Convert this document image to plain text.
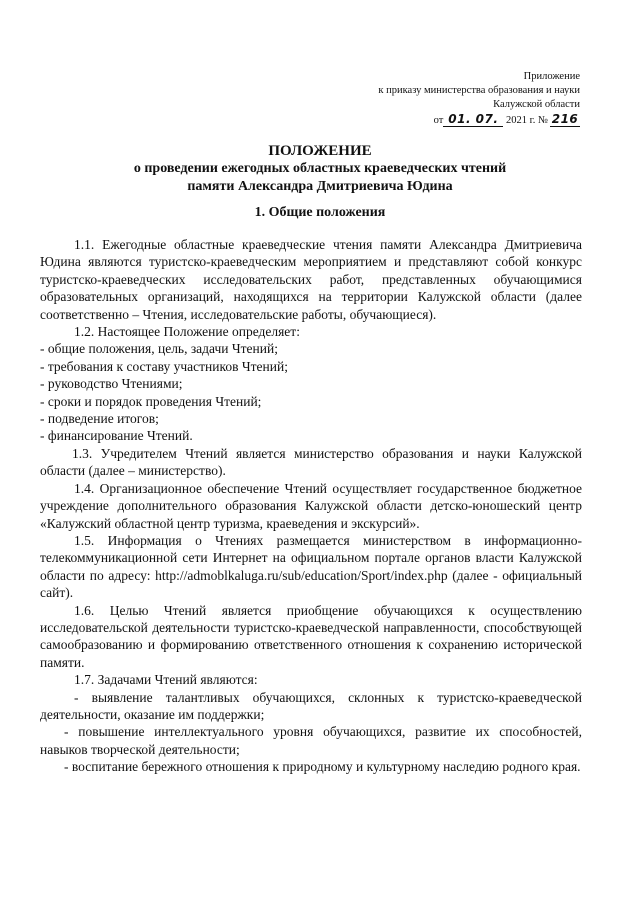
Приложение
к приказу министерства образования и науки
Калужской области
от 01. 07. 2021 г. № 216
ПОЛОЖЕНИЕ
о проведении ежегодных областных краеведческих чтений
памяти Александра Дмитриевича Юдина
1. Общие положения

1.1. Ежегодные областные краеведческие чтения памяти Александра Дмитриевича Юдина являются туристско-краеведческим мероприятием и представляют собой конкурс туристско-краеведческих исследовательских работ, представленных обучающимися образовательных организаций, находящихся на территории Калужской области (далее соответственно – Чтения, исследовательские работы, обучающиеся).

1.2. Настоящее Положение определяет:

- общие положения, цель, задачи Чтений;

- требования к составу участников Чтений;

- руководство Чтениями;

- сроки и порядок проведения Чтений;

- подведение итогов;

- финансирование Чтений.

1.3. Учредителем Чтений является министерство образования и науки Калужской области (далее – министерство).

1.4. Организационное обеспечение Чтений осуществляет государственное бюджетное учреждение дополнительного образования Калужской области детско-юношеский центр «Калужский областной центр туризма, краеведения и экскурсий».

1.5. Информация о Чтениях размещается министерством в информационно-телекоммуникационной сети Интернет на официальном портале органов власти Калужской области по адресу: http://admoblkaluga.ru/sub/education/Sport/index.php (далее - официальный сайт).

1.6. Целью Чтений является приобщение обучающихся к осуществлению исследовательской деятельности туристско-краеведческой направленности, способствующей самообразованию и формированию ответственного отношения к сохранению исторической памяти.

1.7. Задачами Чтений являются:

- выявление талантливых обучающихся, склонных к туристско-краеведческой деятельности, оказание им поддержки;

- повышение интеллектуального уровня обучающихся, развитие их способностей, навыков творческой деятельности;

- воспитание бережного отношения к природному и культурному наследию родного края.
